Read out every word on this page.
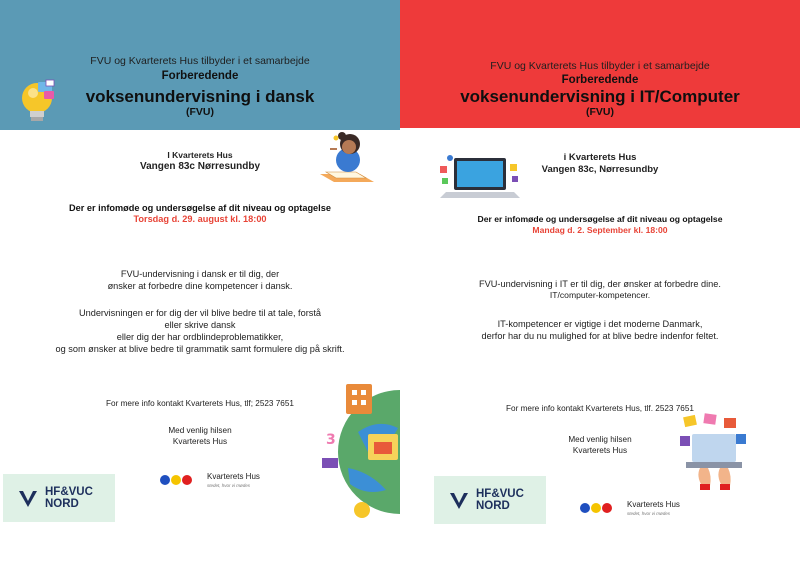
FVU og Kvarterets Hus tilbyder i et samarbejde
Forberedende
voksenundervisning i dansk
(FVU)
I Kvarterets Hus
Vangen 83c Nørresundby
Der er infomøde og undersøgelse af dit niveau og optagelse
Torsdag d. 29. august kl. 18:00
FVU-undervisning i dansk er til dig, der
ønsker at forbedre dine kompetencer i dansk.
Undervisningen er for dig der vil blive bedre til at tale, forstå
eller skrive dansk
eller dig der har ordblindeproblematikker,
og som ønsker at blive bedre til grammatik samt formulere dig på skrift.
For mere info kontakt Kvarterets Hus, tlf; 2523 7651
Med venlig hilsen
Kvarterets Hus	3
HF&VUC
NORD
Kvarterets Hus
stedet, hvor vi mødes
FVU og Kvarterets Hus tilbyder i et samarbejde
Forberedende
voksenundervisning i IT/Computer
(FVU)
i Kvarterets Hus
Vangen 83c, Nørresundby
Der er infomøde og undersøgelse af dit niveau og optagelse
Mandag d. 2. September kl. 18:00
FVU-undervisning i IT er til dig, der ønsker at forbedre dine.
IT/computer-kompetencer.
IT-kompetencer er vigtige i det moderne Danmark,
derfor har du nu mulighed for at blive bedre indenfor feltet.
For mere info kontakt Kvarterets Hus, tlf. 2523 7651
Med venlig hilsen
Kvarterets Hus
HF&VUC
NORD	Kvarterets Hus
stedet, hvor vi mødes
